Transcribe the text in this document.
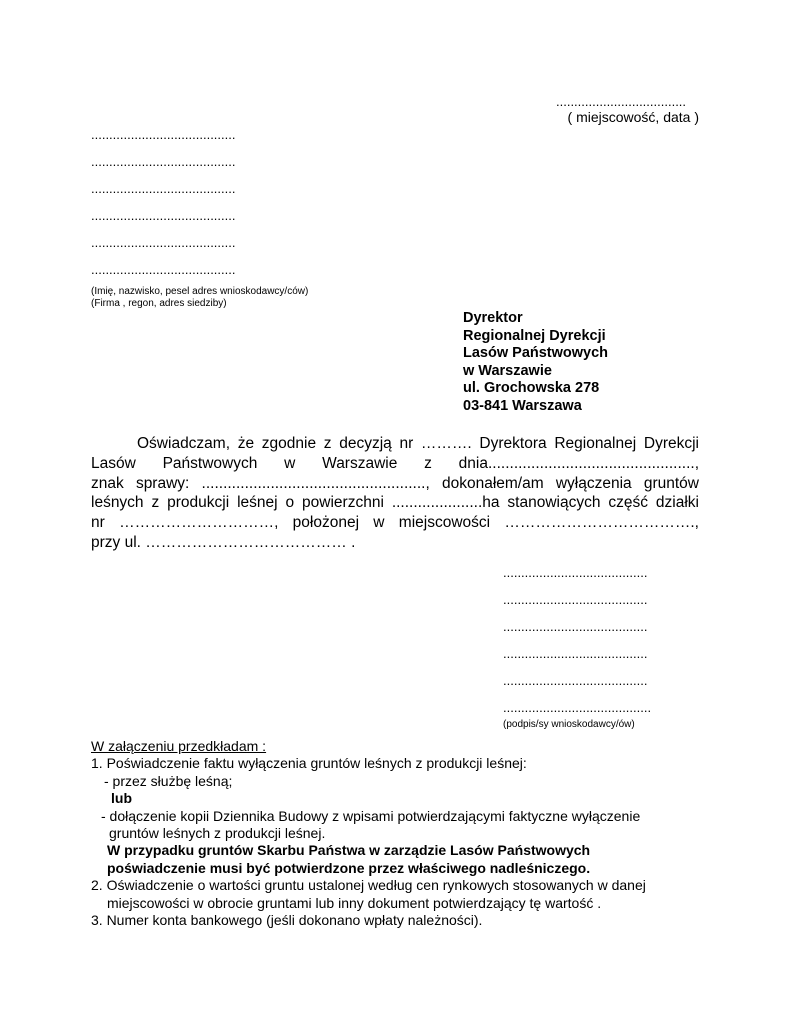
....................................
( miejscowość, data )
........................................
........................................
........................................
........................................
........................................
........................................
(Imię, nazwisko, pesel adres wnioskodawcy/ców)
(Firma , regon, adres siedziby)
Dyrektor
Regionalnej Dyrekcji
Lasów Państwowych
w Warszawie
ul. Grochowska 278
03-841 Warszawa
Oświadczam, że zgodnie z decyzją nr ………. Dyrektora Regionalnej Dyrekcji
Lasów Państwowych w Warszawie z dnia................................................,
znak sprawy: ...................................................., dokonałem/am wyłączenia gruntów
leśnych z produkcji leśnej o powierzchni .....................ha stanowiących część działki
nr …………………………, położonej w miejscowości ……………………………….,
przy ul. ………………………………… .
........................................
........................................
........................................
........................................
........................................
.........................................
(podpis/sy wnioskodawcy/ów)
W załączeniu przedkładam :
1. Poświadczenie faktu wyłączenia gruntów leśnych z produkcji leśnej:
- przez służbę leśną;
lub
- dołączenie kopii Dziennika Budowy z wpisami potwierdzającymi faktyczne wyłączenie
gruntów leśnych z produkcji leśnej.
W przypadku gruntów Skarbu Państwa w zarządzie Lasów Państwowych
poświadczenie musi być potwierdzone przez właściwego nadleśniczego.
2. Oświadczenie o wartości gruntu ustalonej według cen rynkowych stosowanych w danej
miejscowości w obrocie gruntami lub inny dokument potwierdzający tę wartość .
3. Numer konta bankowego (jeśli dokonano wpłaty należności).
